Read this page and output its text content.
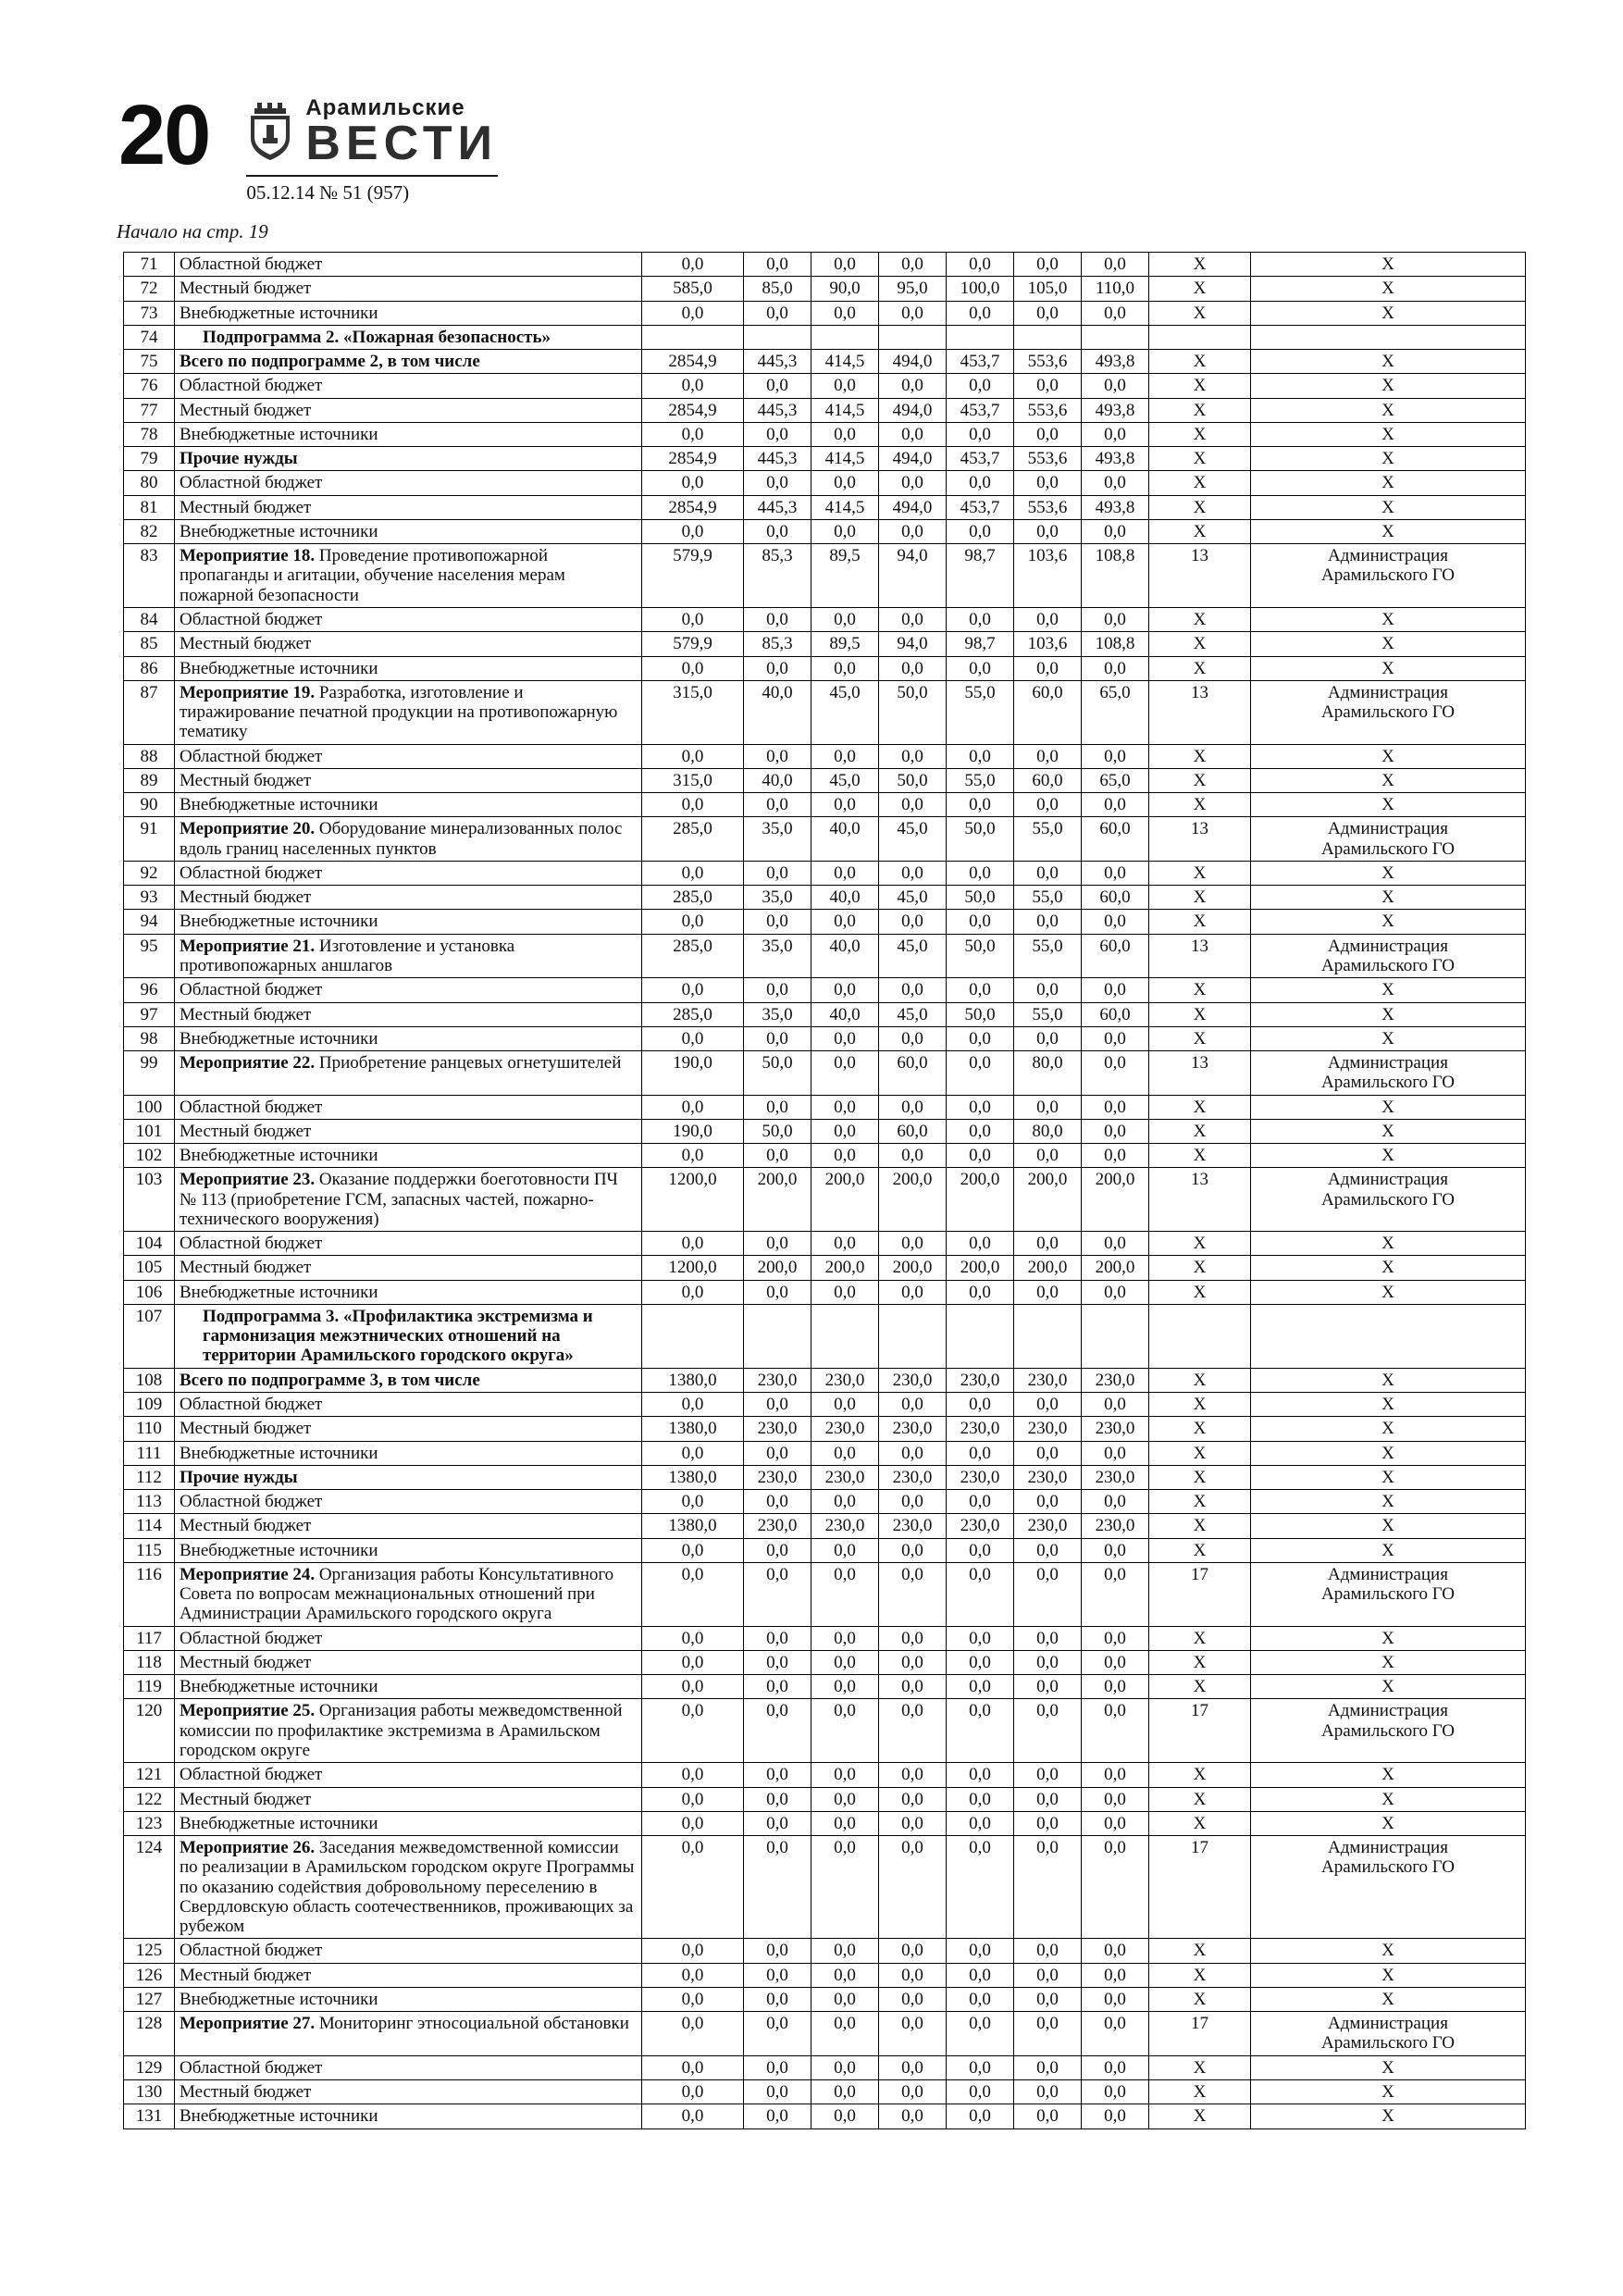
20	Арамильские
ВЕСТИ
05.12.14 № 51 (957)
Начало на стр. 19
71	Областной бюджет	0,0	0,0	0,0	0,0	0,0	0,0	0,0	X	X
72	Местный бюджет	585,0	85,0	90,0	95,0	100,0	105,0	110,0	X	X
73	Внебюджетные источники	0,0	0,0	0,0	0,0	0,0	0,0	0,0	X	X
74	Подпрограмма 2. «Пожарная безопасность»									
75	Всего по подпрограмме 2, в том числе	2854,9	445,3	414,5	494,0	453,7	553,6	493,8	X	X
76	Областной бюджет	0,0	0,0	0,0	0,0	0,0	0,0	0,0	X	X
77	Местный бюджет	2854,9	445,3	414,5	494,0	453,7	553,6	493,8	X	X
78	Внебюджетные источники	0,0	0,0	0,0	0,0	0,0	0,0	0,0	X	X
79	Прочие нужды	2854,9	445,3	414,5	494,0	453,7	553,6	493,8	X	X
80	Областной бюджет	0,0	0,0	0,0	0,0	0,0	0,0	0,0	X	X
81	Местный бюджет	2854,9	445,3	414,5	494,0	453,7	553,6	493,8	X	X
82	Внебюджетные источники	0,0	0,0	0,0	0,0	0,0	0,0	0,0	X	X
83	Мероприятие 18. Проведение противопожарной пропаганды и агитации, обучение населения мерам пожарной безопасности	579,9	85,3	89,5	94,0	98,7	103,6	108,8	13	Администрация Арамильского ГО
84	Областной бюджет	0,0	0,0	0,0	0,0	0,0	0,0	0,0	X	X
85	Местный бюджет	579,9	85,3	89,5	94,0	98,7	103,6	108,8	X	X
86	Внебюджетные источники	0,0	0,0	0,0	0,0	0,0	0,0	0,0	X	X
87	Мероприятие 19. Разработка, изготовление и тиражирование печатной продукции на противопожарную тематику	315,0	40,0	45,0	50,0	55,0	60,0	65,0	13	Администрация Арамильского ГО
88	Областной бюджет	0,0	0,0	0,0	0,0	0,0	0,0	0,0	X	X
89	Местный бюджет	315,0	40,0	45,0	50,0	55,0	60,0	65,0	X	X
90	Внебюджетные источники	0,0	0,0	0,0	0,0	0,0	0,0	0,0	X	X
91	Мероприятие 20. Оборудование минерализованных полос вдоль границ населенных пунктов	285,0	35,0	40,0	45,0	50,0	55,0	60,0	13	Администрация Арамильского ГО
92	Областной бюджет	0,0	0,0	0,0	0,0	0,0	0,0	0,0	X	X
93	Местный бюджет	285,0	35,0	40,0	45,0	50,0	55,0	60,0	X	X
94	Внебюджетные источники	0,0	0,0	0,0	0,0	0,0	0,0	0,0	X	X
95	Мероприятие 21. Изготовление и установка противопожарных аншлагов	285,0	35,0	40,0	45,0	50,0	55,0	60,0	13	Администрация Арамильского ГО
96	Областной бюджет	0,0	0,0	0,0	0,0	0,0	0,0	0,0	X	X
97	Местный бюджет	285,0	35,0	40,0	45,0	50,0	55,0	60,0	X	X
98	Внебюджетные источники	0,0	0,0	0,0	0,0	0,0	0,0	0,0	X	X
99	Мероприятие 22. Приобретение ранцевых огнетушителей	190,0	50,0	0,0	60,0	0,0	80,0	0,0	13	Администрация Арамильского ГО
100	Областной бюджет	0,0	0,0	0,0	0,0	0,0	0,0	0,0	X	X
101	Местный бюджет	190,0	50,0	0,0	60,0	0,0	80,0	0,0	X	X
102	Внебюджетные источники	0,0	0,0	0,0	0,0	0,0	0,0	0,0	X	X
103	Мероприятие 23. Оказание поддержки боеготовности ПЧ № 113 (приобретение ГСМ, запасных частей, пожарно-технического вооружения)	1200,0	200,0	200,0	200,0	200,0	200,0	200,0	13	Администрация Арамильского ГО
104	Областной бюджет	0,0	0,0	0,0	0,0	0,0	0,0	0,0	X	X
105	Местный бюджет	1200,0	200,0	200,0	200,0	200,0	200,0	200,0	X	X
106	Внебюджетные источники	0,0	0,0	0,0	0,0	0,0	0,0	0,0	X	X
107	Подпрограмма 3. «Профилактика экстремизма и гармонизация межэтнических отношений на территории Арамильского городского округа»									
108	Всего по подпрограмме 3, в том числе	1380,0	230,0	230,0	230,0	230,0	230,0	230,0	X	X
109	Областной бюджет	0,0	0,0	0,0	0,0	0,0	0,0	0,0	X	X
110	Местный бюджет	1380,0	230,0	230,0	230,0	230,0	230,0	230,0	X	X
111	Внебюджетные источники	0,0	0,0	0,0	0,0	0,0	0,0	0,0	X	X
112	Прочие нужды	1380,0	230,0	230,0	230,0	230,0	230,0	230,0	X	X
113	Областной бюджет	0,0	0,0	0,0	0,0	0,0	0,0	0,0	X	X
114	Местный бюджет	1380,0	230,0	230,0	230,0	230,0	230,0	230,0	X	X
115	Внебюджетные источники	0,0	0,0	0,0	0,0	0,0	0,0	0,0	X	X
116	Мероприятие 24. Организация работы Консультативного Совета по вопросам межнациональных отношений при Администрации Арамильского городского округа	0,0	0,0	0,0	0,0	0,0	0,0	0,0	17	Администрация Арамильского ГО
117	Областной бюджет	0,0	0,0	0,0	0,0	0,0	0,0	0,0	X	X
118	Местный бюджет	0,0	0,0	0,0	0,0	0,0	0,0	0,0	X	X
119	Внебюджетные источники	0,0	0,0	0,0	0,0	0,0	0,0	0,0	X	X
120	Мероприятие 25. Организация работы межведомственной комиссии по профилактике экстремизма в Арамильском городском округе	0,0	0,0	0,0	0,0	0,0	0,0	0,0	17	Администрация Арамильского ГО
121	Областной бюджет	0,0	0,0	0,0	0,0	0,0	0,0	0,0	X	X
122	Местный бюджет	0,0	0,0	0,0	0,0	0,0	0,0	0,0	X	X
123	Внебюджетные источники	0,0	0,0	0,0	0,0	0,0	0,0	0,0	X	X
124	Мероприятие 26. Заседания межведомственной комиссии по реализации в Арамильском городском округе Программы по оказанию содействия добровольному переселению в Свердловскую область соотечественников, проживающих за рубежом	0,0	0,0	0,0	0,0	0,0	0,0	0,0	17	Администрация Арамильского ГО
125	Областной бюджет	0,0	0,0	0,0	0,0	0,0	0,0	0,0	X	X
126	Местный бюджет	0,0	0,0	0,0	0,0	0,0	0,0	0,0	X	X
127	Внебюджетные источники	0,0	0,0	0,0	0,0	0,0	0,0	0,0	X	X
128	Мероприятие 27. Мониторинг этносоциальной обстановки	0,0	0,0	0,0	0,0	0,0	0,0	0,0	17	Администрация Арамильского ГО
129	Областной бюджет	0,0	0,0	0,0	0,0	0,0	0,0	0,0	X	X
130	Местный бюджет	0,0	0,0	0,0	0,0	0,0	0,0	0,0	X	X
131	Внебюджетные источники	0,0	0,0	0,0	0,0	0,0	0,0	0,0	X	X
